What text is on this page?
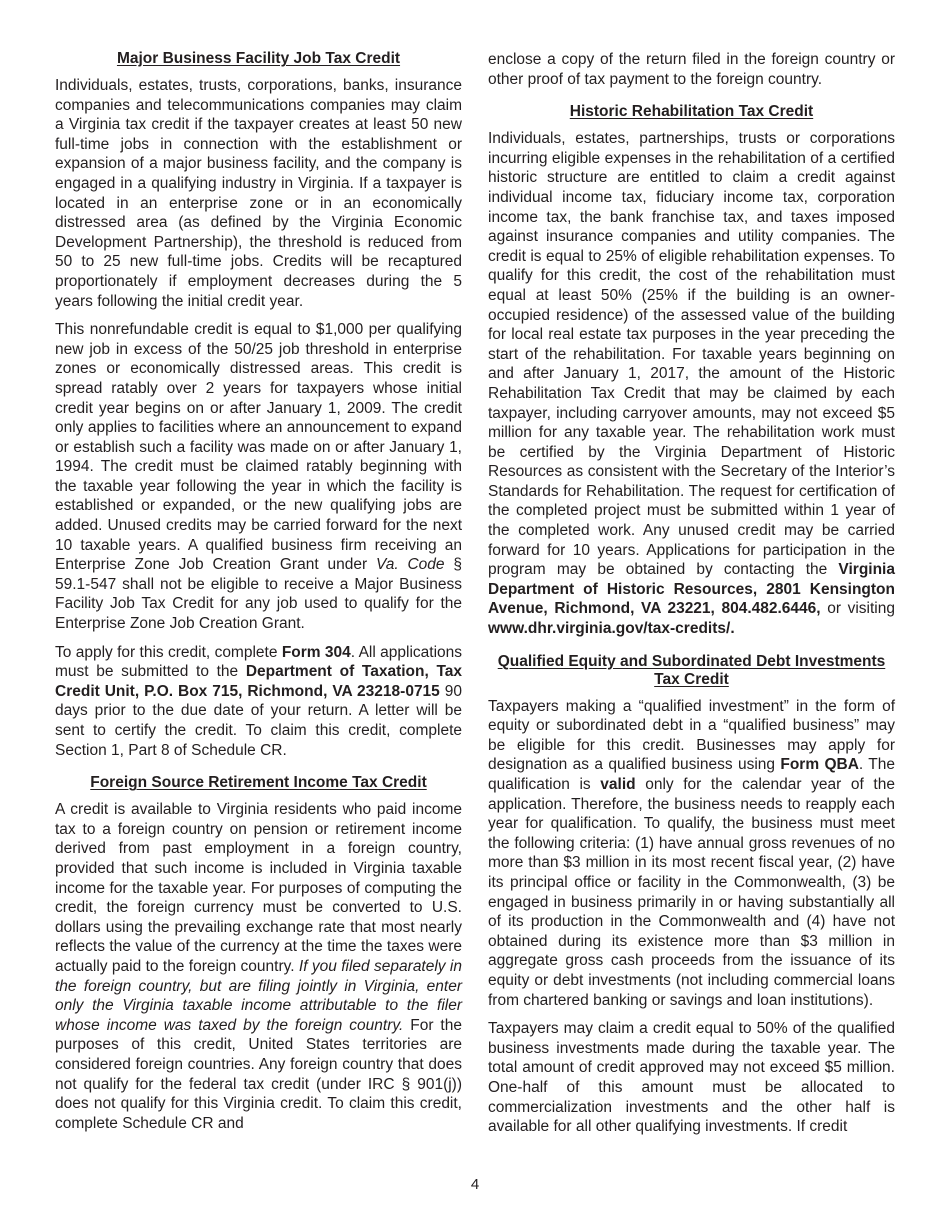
Major Business Facility Job Tax Credit

Individuals, estates, trusts, corporations, banks, insurance companies and telecommunications companies may claim a Virginia tax credit if the taxpayer creates at least 50 new full-time jobs in connection with the establishment or expansion of a major business facility, and the company is engaged in a qualifying industry in Virginia. If a taxpayer is located in an enterprise zone or in an economically distressed area (as defined by the Virginia Economic Development Partnership), the threshold is reduced from 50 to 25 new full-time jobs. Credits will be recaptured proportionately if employment decreases during the 5 years following the initial credit year.

This nonrefundable credit is equal to $1,000 per qualifying new job in excess of the 50/25 job threshold in enterprise zones or economically distressed areas. This credit is spread ratably over 2 years for taxpayers whose initial credit year begins on or after January 1, 2009. The credit only applies to facilities where an announcement to expand or establish such a facility was made on or after January 1, 1994. The credit must be claimed ratably beginning with the taxable year following the year in which the facility is established or expanded, or the new qualifying jobs are added. Unused credits may be carried forward for the next 10 taxable years. A qualified business firm receiving an Enterprise Zone Job Creation Grant under Va. Code § 59.1-547 shall not be eligible to receive a Major Business Facility Job Tax Credit for any job used to qualify for the Enterprise Zone Job Creation Grant.

To apply for this credit, complete Form 304. All applications must be submitted to the Department of Taxation, Tax Credit Unit, P.O. Box 715, Richmond, VA 23218-0715 90 days prior to the due date of your return. A letter will be sent to certify the credit. To claim this credit, complete Section 1, Part 8 of Schedule CR.

Foreign Source Retirement Income Tax Credit

A credit is available to Virginia residents who paid income tax to a foreign country on pension or retirement income derived from past employment in a foreign country, provided that such income is included in Virginia taxable income for the taxable year. For purposes of computing the credit, the foreign currency must be converted to U.S. dollars using the prevailing exchange rate that most nearly reflects the value of the currency at the time the taxes were actually paid to the foreign country. If you filed separately in the foreign country, but are filing jointly in Virginia, enter only the Virginia taxable income attributable to the filer whose income was taxed by the foreign country. For the purposes of this credit, United States territories are considered foreign countries. Any foreign country that does not qualify for the federal tax credit (under IRC § 901(j)) does not qualify for this Virginia credit. To claim this credit, complete Schedule CR and

enclose a copy of the return filed in the foreign country or other proof of tax payment to the foreign country.

Historic Rehabilitation Tax Credit

Individuals, estates, partnerships, trusts or corporations incurring eligible expenses in the rehabilitation of a certified historic structure are entitled to claim a credit against individual income tax, fiduciary income tax, corporation income tax, the bank franchise tax, and taxes imposed against insurance companies and utility companies. The credit is equal to 25% of eligible rehabilitation expenses. To qualify for this credit, the cost of the rehabilitation must equal at least 50% (25% if the building is an owner-occupied residence) of the assessed value of the building for local real estate tax purposes in the year preceding the start of the rehabilitation. For taxable years beginning on and after January 1, 2017, the amount of the Historic Rehabilitation Tax Credit that may be claimed by each taxpayer, including carryover amounts, may not exceed $5 million for any taxable year. The rehabilitation work must be certified by the Virginia Department of Historic Resources as consistent with the Secretary of the Interior’s Standards for Rehabilitation. The request for certification of the completed project must be submitted within 1 year of the completed work. Any unused credit may be carried forward for 10 years. Applications for participation in the program may be obtained by contacting the Virginia Department of Historic Resources, 2801 Kensington Avenue, Richmond, VA 23221, 804.482.6446, or visiting www.dhr.virginia.gov/tax-credits/.

Qualified Equity and Subordinated Debt Investments
Tax Credit

Taxpayers making a “qualified investment” in the form of equity or subordinated debt in a “qualified business” may be eligible for this credit. Businesses may apply for designation as a qualified business using Form QBA. The qualification is valid only for the calendar year of the application. Therefore, the business needs to reapply each year for qualification. To qualify, the business must meet the following criteria: (1) have annual gross revenues of no more than $3 million in its most recent fiscal year, (2) have its principal office or facility in the Commonwealth, (3) be engaged in business primarily in or having substantially all of its production in the Commonwealth and (4) have not obtained during its existence more than $3 million in aggregate gross cash proceeds from the issuance of its equity or debt investments (not including commercial loans from chartered banking or savings and loan institutions).

Taxpayers may claim a credit equal to 50% of the qualified business investments made during the taxable year. The total amount of credit approved may not exceed $5 million. One-half of this amount must be allocated to commercialization investments and the other half is available for all other qualifying investments. If credit

4
